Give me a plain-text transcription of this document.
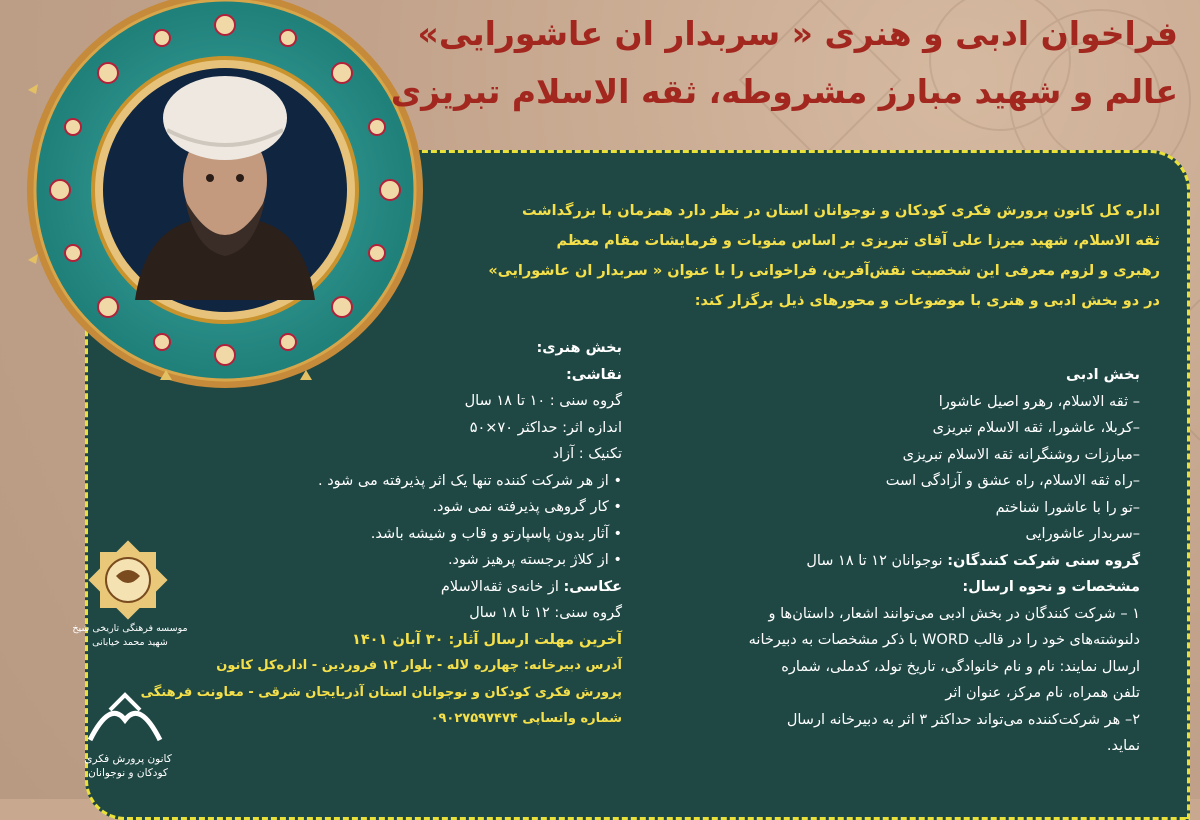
فراخوان ادبی و هنری « سربدار ان عاشورایی»
عالم و شهید مبارز مشروطه، ثقه الاسلام تبریزی
اداره کل کانون پرورش فکری کودکان و نوجوانان استان در نظر دارد همزمان با بزرگداشت
ثقه الاسلام، شهید میرزا علی آقای تبریزی بر اساس منویات و فرمایشات مقام معظم
رهبری و لزوم معرفی این شخصیت نقش‌آفرین، فراخوانی را با عنوان « سربدار ان عاشورایی»
در دو بخش ادبی و هنری با موضوعات و محورهای ذیل برگزار کند:
بخش ادبی
– ثقه الاسلام، رهرو اصیل عاشورا
–کربلا، عاشورا، ثقه الاسلام تبریزی
–مبارزات روشنگرانه ثقه الاسلام تبریزی
–راه ثقه الاسلام، راه عشق و آزادگی است
–تو را با عاشورا شناختم
–سربدار عاشورایی
گروه سنی شرکت کنندگان: نوجوانان ۱۲ تا ۱۸ سال
مشخصات و نحوه ارسال:
۱ – شرکت کنندگان در بخش ادبی می‌توانند اشعار، داستان‌ها و
دلنوشته‌های خود را در قالب WORD با ذکر مشخصات به دبیرخانه
ارسال نمایند: نام و نام خانوادگی، تاریخ تولد، کدملی، شماره
تلفن همراه، نام مرکز، عنوان اثر
۲– هر شرکت‌کننده می‌تواند حداکثر ۳ اثر به دبیرخانه ارسال
نماید.
بخش هنری:
نقاشی:
گروه سنی : ۱۰ تا ۱۸ سال
اندازه اثر: حداکثر ۷۰×۵۰
تکنیک : آزاد
• از هر شرکت کننده تنها یک اثر پذیرفته می شود .
• کار گروهی پذیرفته نمی شود.
• آثار بدون پاسپارتو و قاب و شیشه باشد.
• از کلاژ برجسته پرهیز شود.
عکاسی: از خانه‌ی ثقه‌الاسلام
گروه سنی: ۱۲ تا ۱۸ سال
آخرین مهلت ارسال آثار: ۳۰ آبان ۱۴۰۱
آدرس دبیرخانه: چهارره لاله - بلوار ۱۲ فروردین - اداره‌کل کانون
پرورش فکری کودکان و نوجوانان استان آذربایجان شرقی - معاونت فرهنگی
شماره واتساپی ۰۹۰۲۷۵۹۷۴۷۴
موسسه فرهنگی تاریخی شیخ شهید محمد خیابانی
کانون پرورش فکری کودکان و نوجوانان
